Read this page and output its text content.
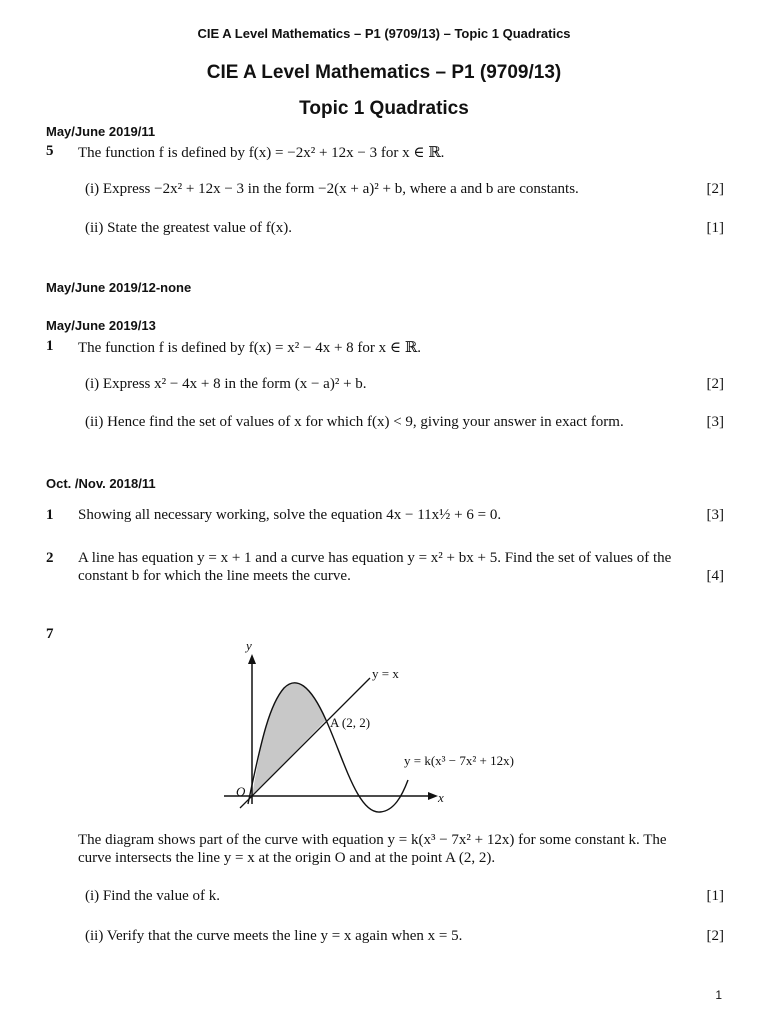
CIE A Level Mathematics – P1 (9709/13) – Topic 1 Quadratics
CIE A Level Mathematics – P1 (9709/13)
Topic 1 Quadratics
May/June 2019/11
5 The function f is defined by f(x) = −2x² + 12x − 3 for x ∈ ℝ.
(i) Express −2x² + 12x − 3 in the form −2(x + a)² + b, where a and b are constants.	[2]
(ii) State the greatest value of f(x).	[1]
May/June 2019/12-none
May/June 2019/13
1 The function f is defined by f(x) = x² − 4x + 8 for x ∈ ℝ.
(i) Express x² − 4x + 8 in the form (x − a)² + b.	[2]
(ii) Hence find the set of values of x for which f(x) < 9, giving your answer in exact form.	[3]
Oct. /Nov. 2018/11
1 Showing all necessary working, solve the equation 4x − 11x½ + 6 = 0.	[3]
2 A line has equation y = x + 1 and a curve has equation y = x² + bx + 5. Find the set of values of the
constant b for which the line meets the curve.	[4]
7
y
x
O
y = x
A (2, 2)
y = k(x³ − 7x² + 12x)
The diagram shows part of the curve with equation y = k(x³ − 7x² + 12x) for some constant k. The
curve intersects the line y = x at the origin O and at the point A (2, 2).
(i) Find the value of k.	[1]
(ii) Verify that the curve meets the line y = x again when x = 5.	[2]
1
